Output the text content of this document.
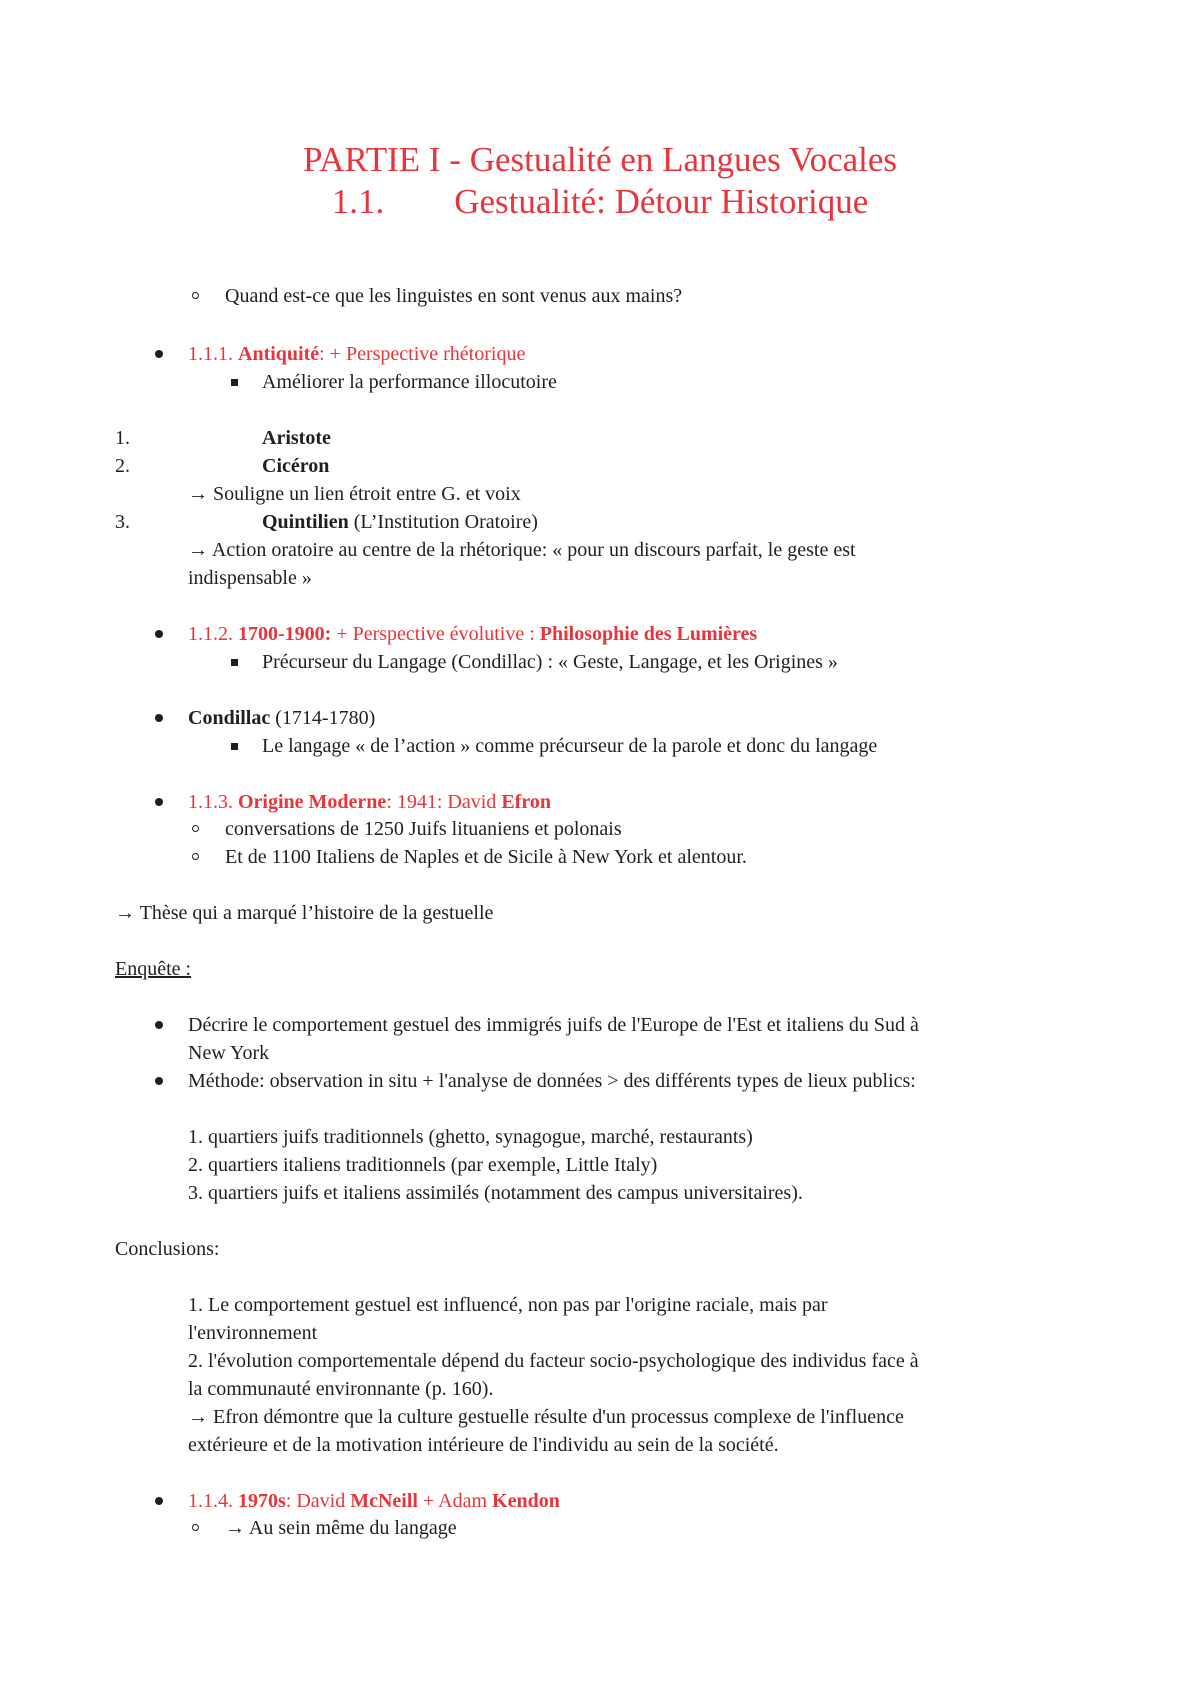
PARTIE I - Gestualité en Langues Vocales
1.1.        Gestualité: Détour Historique
Quand est-ce que les linguistes en sont venus aux mains?
1.1.1. Antiquité: + Perspective rhétorique
Améliorer la performance illocutoire
1.	Aristote
2.	Cicéron
→ Souligne un lien étroit entre G. et voix
3.	Quintilien (L’Institution Oratoire)
→ Action oratoire au centre de la rhétorique: « pour un discours parfait, le geste est
indispensable »
1.1.2. 1700-1900: + Perspective évolutive : Philosophie des Lumières
Précurseur du Langage (Condillac) : « Geste, Langage, et les Origines »
Condillac (1714-1780)
Le langage « de l’action » comme précurseur de la parole et donc du langage
1.1.3. Origine Moderne: 1941: David Efron
conversations de 1250 Juifs lituaniens et polonais
Et de 1100 Italiens de Naples et de Sicile à New York et alentour.
→ Thèse qui a marqué l’histoire de la gestuelle
Enquête :
Décrire le comportement gestuel des immigrés juifs de l'Europe de l'Est et italiens du Sud à
New York
Méthode: observation in situ + l'analyse de données > des différents types de lieux publics:
1. quartiers juifs traditionnels (ghetto, synagogue, marché, restaurants)
2. quartiers italiens traditionnels (par exemple, Little Italy)
3. quartiers juifs et italiens assimilés (notamment des campus universitaires).
Conclusions:
1. Le comportement gestuel est influencé, non pas par l'origine raciale, mais par
l'environnement
2. l'évolution comportementale dépend du facteur socio-psychologique des individus face à
la communauté environnante (p. 160).
→ Efron démontre que la culture gestuelle résulte d'un processus complexe de l'influence
extérieure et de la motivation intérieure de l'individu au sein de la société.
1.1.4. 1970s: David McNeill + Adam Kendon
→ Au sein même du langage
